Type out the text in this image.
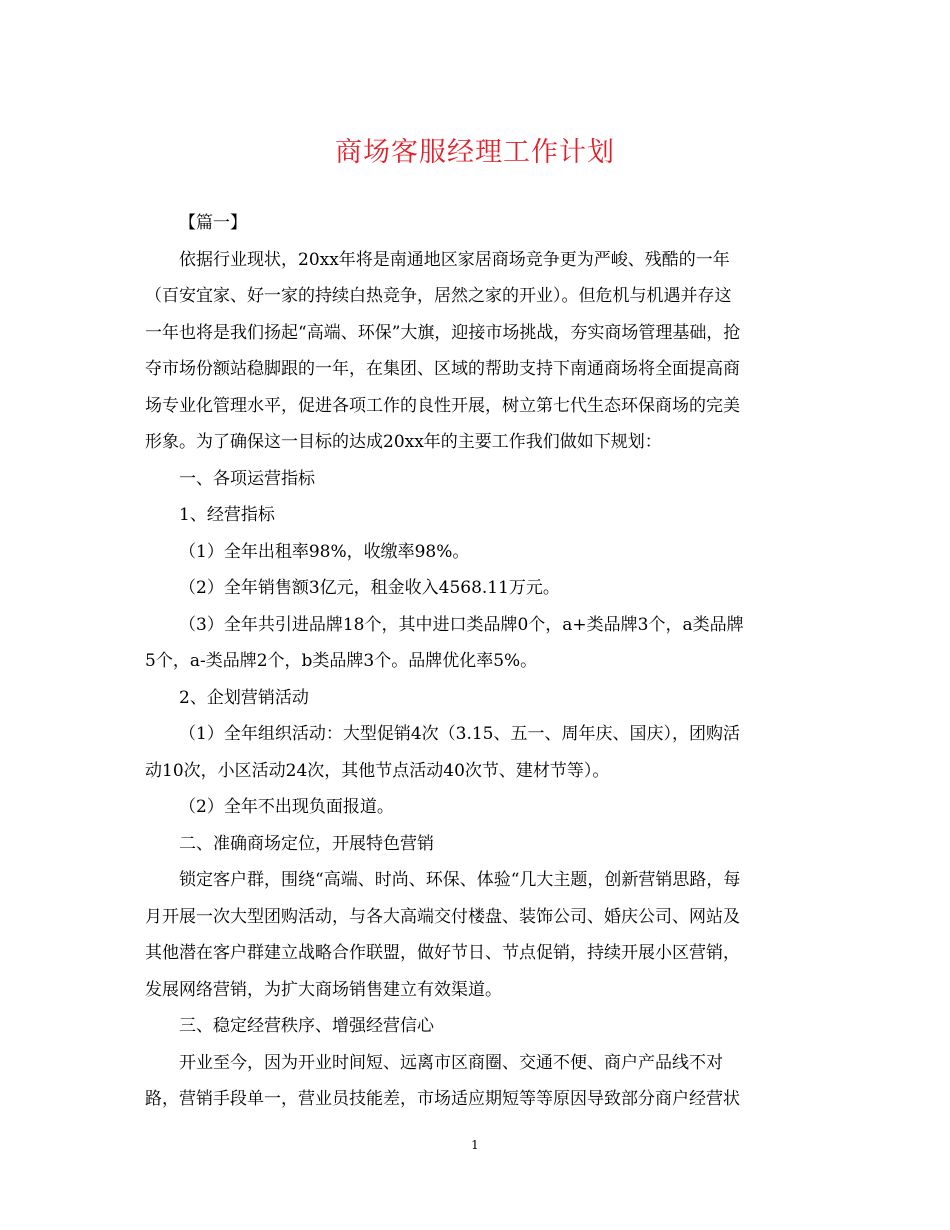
商场客服经理工作计划
【篇一】
依据行业现状，20xx年将是南通地区家居商场竞争更为严峻、残酷的一年
（百安宜家、好一家的持续白热竞争，居然之家的开业）。但危机与机遇并存这
一年也将是我们扬起“高端、环保”大旗，迎接市场挑战，夯实商场管理基础，抢
夺市场份额站稳脚跟的一年，在集团、区域的帮助支持下南通商场将全面提高商
场专业化管理水平，促进各项工作的良性开展，树立第七代生态环保商场的完美
形象。为了确保这一目标的达成20xx年的主要工作我们做如下规划：
一、各项运营指标
1、经营指标
（1）全年出租率98%，收缴率98%。
（2）全年销售额3亿元，租金收入4568.11万元。
（3）全年共引进品牌18个，其中进口类品牌0个，a+类品牌3个，a类品牌
5个，a-类品牌2个，b类品牌3个。品牌优化率5%。
2、企划营销活动
（1）全年组织活动：大型促销4次（3.15、五一、周年庆、国庆），团购活
动10次，小区活动24次，其他节点活动40次节、建材节等）。
（2）全年不出现负面报道。
二、准确商场定位，开展特色营销
锁定客户群，围绕“高端、时尚、环保、体验“几大主题，创新营销思路，每
月开展一次大型团购活动，与各大高端交付楼盘、装饰公司、婚庆公司、网站及
其他潜在客户群建立战略合作联盟，做好节日、节点促销，持续开展小区营销，
发展网络营销，为扩大商场销售建立有效渠道。
三、稳定经营秩序、增强经营信心
开业至今，因为开业时间短、远离市区商圈、交通不便、商户产品线不对
路，营销手段单一，营业员技能差，市场适应期短等等原因导致部分商户经营状
1
